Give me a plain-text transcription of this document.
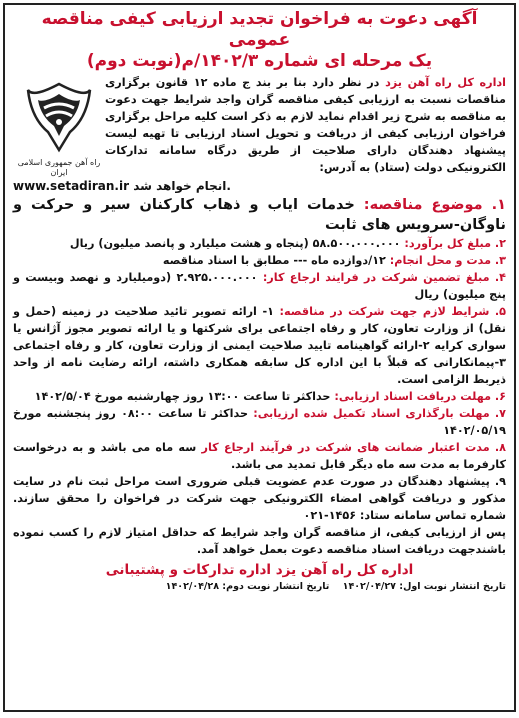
آگهی دعوت به فراخوان تجدید ارزیابی کیفی مناقصه عمومی
یک مرحله ای شماره ۱۴۰۲/۳/م(نوبت دوم)
اداره کل راه آهن یزد در نظر دارد بنا بر بند ج ماده ۱۲ قانون برگزاری مناقصات نسبت به ارزیابی کیفی مناقصه گران واجد شرایط جهت دعوت به مناقصه به شرح زیر اقدام نماید لازم به ذکر است کلیه مراحل برگزاری فراخوان ارزیابی کیفی از دریافت و تحویل اسناد ارزیابی تا تهیه لیست پیشنهاد دهندگان دارای صلاحیت از طریق درگاه سامانه تدارکات الکترونیکی دولت (ستاد) به آدرس:
راه آهن جمهوری اسلامی ایران
www.setadiran.ir انجام خواهد شد.

۱. موضوع مناقصه: خدمات ایاب و ذهاب کارکنان سیر و حرکت و ناوگان-سرویس های ثابت

۲. مبلغ کل برآورد: ۵۸.۵۰۰.۰۰۰.۰۰۰ (پنجاه و هشت میلیارد و پانصد میلیون) ریال

۳. مدت و محل انجام: ۱۲/دوازده ماه --- مطابق با اسناد مناقصه

۴. مبلغ تضمین شرکت در فرایند ارجاع کار: ۲.۹۲۵.۰۰۰.۰۰۰ (دومیلیارد و نهصد وبیست و پنج میلیون) ریال

۵. شرایط لازم جهت شرکت در مناقصه: ۱- ارائه تصویر تائید صلاحیت در زمینه (حمل و نقل) از وزارت تعاون، کار و رفاه اجتماعی برای شرکتها و یا ارائه تصویر مجوز آژانس یا سواری کرایه ۲-ارائه گواهینامه تایید صلاحیت ایمنی از وزارت تعاون، کار و رفاه اجتماعی ۳-پیمانکارانی که قبلاً با این اداره کل سابقه همکاری داشته، ارائه رضایت نامه از واحد ذیربط الزامی است.

۶. مهلت دریافت اسناد ارزیابی: حداکثر تا ساعت ۱۳:۰۰ روز چهارشنبه مورخ ۱۴۰۲/۵/۰۴

۷. مهلت بارگذاری اسناد تکمیل شده ارزیابی: حداکثر تا ساعت ۰۸:۰۰ روز پنجشنبه مورخ ۱۴۰۲/۰۵/۱۹

۸. مدت اعتبار ضمانت های شرکت در فرآیند ارجاع کار سه ماه می باشد و به درخواست کارفرما به مدت سه ماه دیگر قابل تمدید می باشد.

۹. پیشنهاد دهندگان در صورت عدم عضویت قبلی ضروری است مراحل ثبت نام در سایت مذکور و دریافت گواهی امضاء الکترونیکی جهت شرکت در فراخوان را محقق سازند. شماره تماس سامانه ستاد: ۱۴۵۶-۰۲۱

پس از ارزیابی کیفی، از مناقصه گران واجد شرایط که حداقل امتیاز لازم را کسب نموده باشندجهت دریافت اسناد مناقصه دعوت بعمل خواهد آمد.

اداره کل راه آهن یزد اداره تدارکات و پشتیبانی
تاریخ انتشار نوبت اول: ۱۴۰۲/۰۴/۲۷ تاریخ انتشار نوبت دوم: ۱۴۰۲/۰۴/۲۸
